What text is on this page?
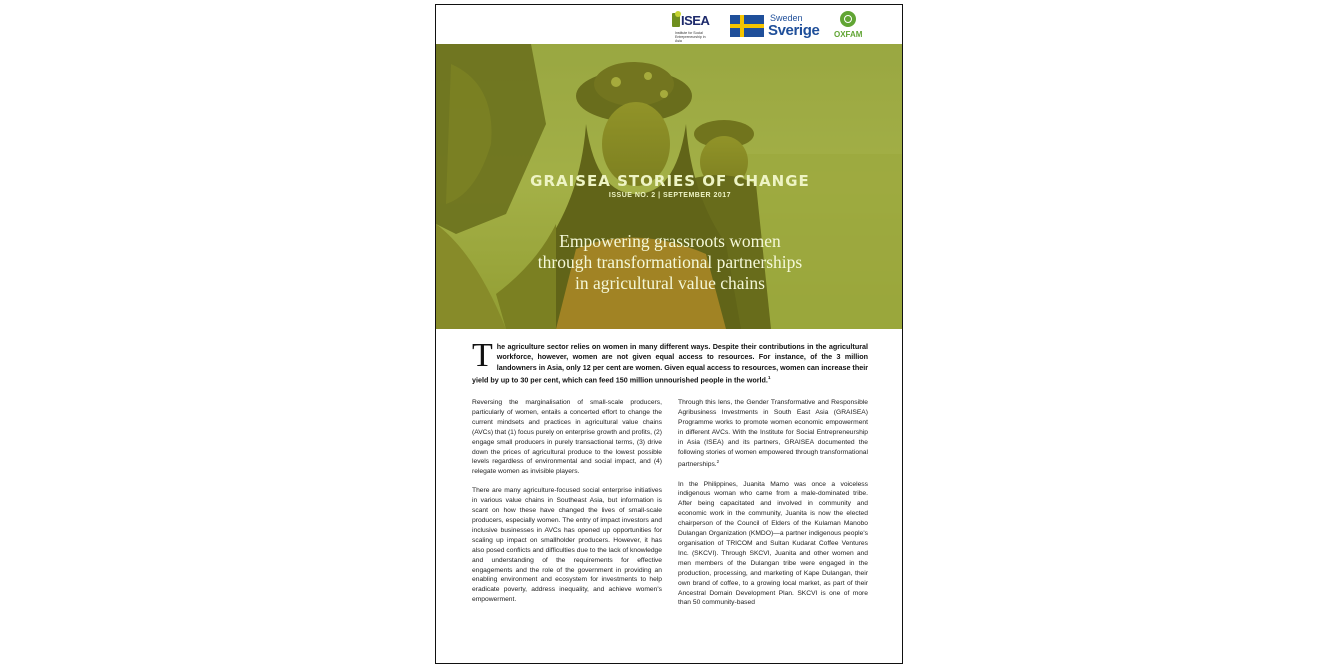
ISEA
Institute for Social Entrepreneurship in Asia
Sweden
Sverige OXFAM
GRAISEA STORIES OF CHANGE
ISSUE NO. 2 | SEPTEMBER 2017
Empowering grassroots women
through transformational partnerships
in agricultural value chains
The agriculture sector relies on women in many different ways. Despite their contributions in the agricultural workforce, however, women are not given equal access to resources. For instance, of the 3 million landowners in Asia, only 12 per cent are women. Given equal access to resources, women can increase their yield by up to 30 per cent, which can feed 150 million unnourished people in the world.$^1$

Reversing the marginalisation of small-scale producers, particularly of women, entails a concerted effort to change the current mindsets and practices in agricultural value chains (AVCs) that (1) focus purely on enterprise growth and profits, (2) engage small producers in purely transactional terms, (3) drive down the prices of agricultural produce to the lowest possible levels regardless of environmental and social impact, and (4) relegate women as invisible players.

There are many agriculture-focused social enterprise initiatives in various value chains in Southeast Asia, but information is scant on how these have changed the lives of small-scale producers, especially women. The entry of impact investors and inclusive businesses in AVCs has opened up opportunities for scaling up impact on smallholder producers. However, it has also posed conflicts and difficulties due to the lack of knowledge and understanding of the requirements for effective engagements and the role of the government in providing an enabling environment and ecosystem for investments to help eradicate poverty, address inequality, and achieve women's empowerment.

Through this lens, the Gender Transformative and Responsible Agribusiness Investments in South East Asia (GRAISEA) Programme works to promote women economic empowerment in different AVCs. With the Institute for Social Entrepreneurship in Asia (ISEA) and its partners, GRAISEA documented the following stories of women empowered through transformational partnerships.$^2$

In the Philippines, Juanita Mamo was once a voiceless indigenous woman who came from a male-dominated tribe. After being capacitated and involved in community and economic work in the community, Juanita is now the elected chairperson of the Council of Elders of the Kulaman Manobo Dulangan Organization (KMDO)—a partner indigenous people's organisation of TRICOM and Sultan Kudarat Coffee Ventures Inc. (SKCVI). Through SKCVI, Juanita and other women and men members of the Dulangan tribe were engaged in the production, processing, and marketing of Kape Dulangan, their own brand of coffee, to a growing local market, as part of their Ancestral Domain Development Plan. SKCVI is one of more than 50 community-based
